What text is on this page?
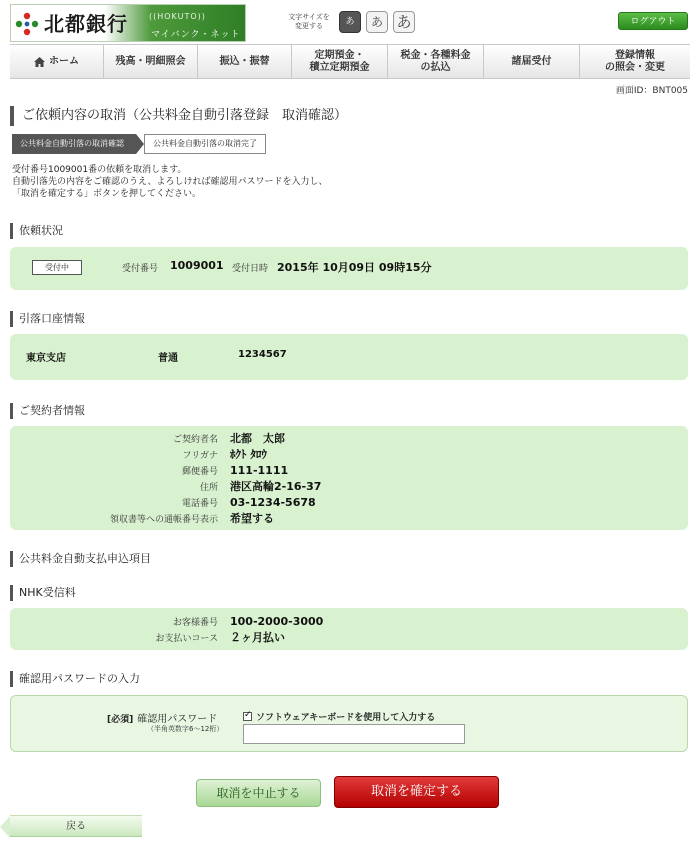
北都銀行	((HOKUTO))
マイバンク・ネット
文字サイズを
変更する	あ	あ あ	ログアウト
ホーム	残高・明細照会	振込・振替
定期預金・
積立定期預金
税金・各種料金
の払込
諸届受付
登録情報
の照会・変更
画面ID：BNT005
ご依頼内容の取消（公共料金自動引落登録　取消確認）
公共料金自動引落の取消確認	公共料金自動引落の取消完了
受付番号1009001番の依頼を取消します。
自動引落先の内容をご確認のうえ、よろしければ確認用パスワードを入力し、
「取消を確定する」ボタンを押してください。
依頼状況
受付中	受付番号 1009001 受付日時 2015年 10月09日 09時15分
引落口座情報
東京支店	普通	1234567
ご契約者情報
ご契約者名	北都　太郎
フリガナ	ﾎｸﾄ ﾀﾛｳ
郵便番号	111-1111
住所	港区高輪2-16-37
電話番号	03-1234-5678
領収書等への通帳番号表示	希望する
公共料金自動支払申込項目
NHK受信料
お客様番号	100-2000-3000
お支払いコース	２ヶ月払い
確認用パスワードの入力
[必須] 確認用パスワード
（半角英数字6～12桁）
✓ソフトウェアキーボードを使用して入力する
取消を中止する	取消を確定する
戻る
